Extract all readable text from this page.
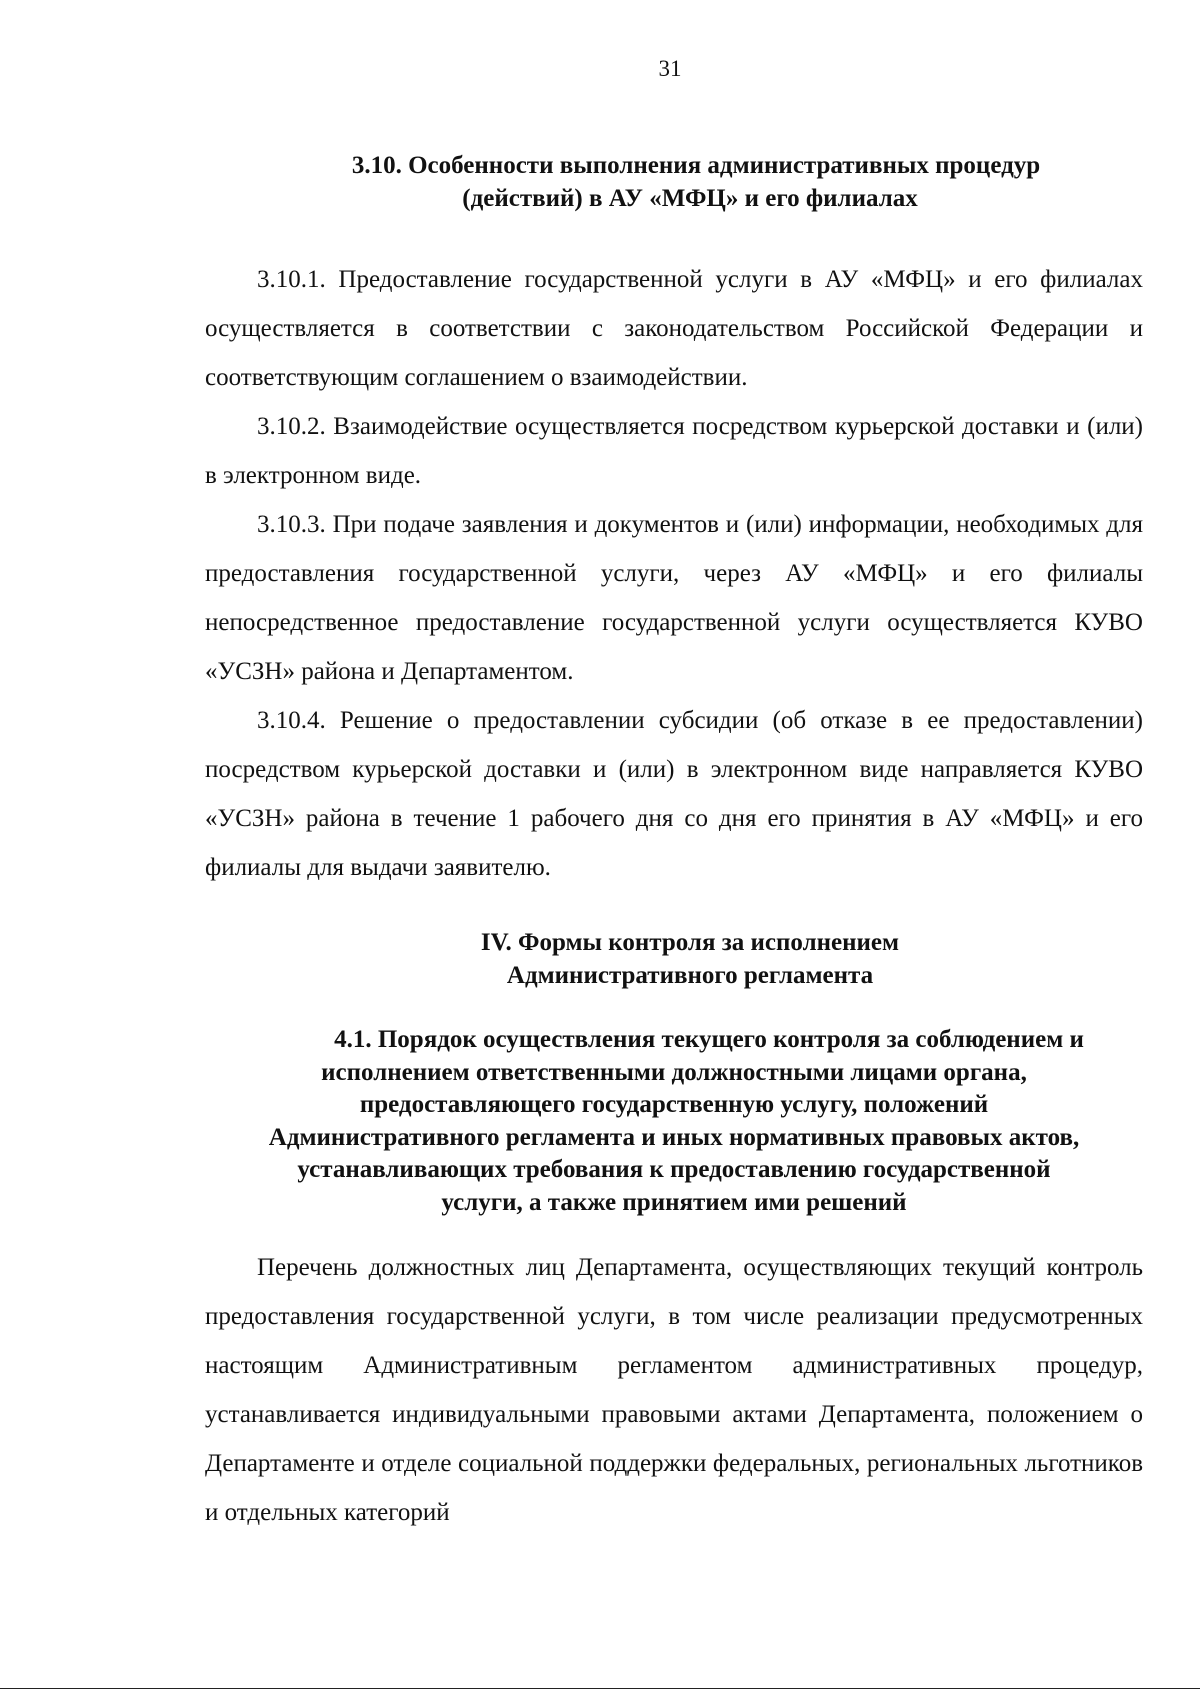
31
3.10. Особенности выполнения административных процедур
(действий) в АУ «МФЦ» и его филиалах

3.10.1. Предоставление государственной услуги в АУ «МФЦ» и его филиалах осуществляется в соответствии с законодательством Российской Федерации и соответствующим соглашением о взаимодействии.

3.10.2. Взаимодействие осуществляется посредством курьерской доставки и (или) в электронном виде.

3.10.3. При подаче заявления и документов и (или) информации, необходимых для предоставления государственной услуги, через АУ «МФЦ» и его филиалы непосредственное предоставление государственной услуги осуществляется КУВО «УСЗН» района и Департаментом.

3.10.4. Решение о предоставлении субсидии (об отказе в ее предоставлении) посредством курьерской доставки и (или) в электронном виде направляется КУВО «УСЗН» района в течение 1 рабочего дня со дня его принятия в АУ «МФЦ» и его филиалы для выдачи заявителю.

IV. Формы контроля за исполнением
Административного регламента
4.1. Порядок осуществления текущего контроля за соблюдением и
исполнением ответственными должностными лицами органа,
предоставляющего государственную услугу, положений
Административного регламента и иных нормативных правовых актов,
устанавливающих требования к предоставлению государственной
услуги, а также принятием ими решений

Перечень должностных лиц Департамента, осуществляющих текущий контроль предоставления государственной услуги, в том числе реализации предусмотренных настоящим Административным регламентом административных процедур, устанавливается индивидуальными правовыми актами Департамента, положением о Департаменте и отделе социальной поддержки федеральных, региональных льготников и отдельных категорий
